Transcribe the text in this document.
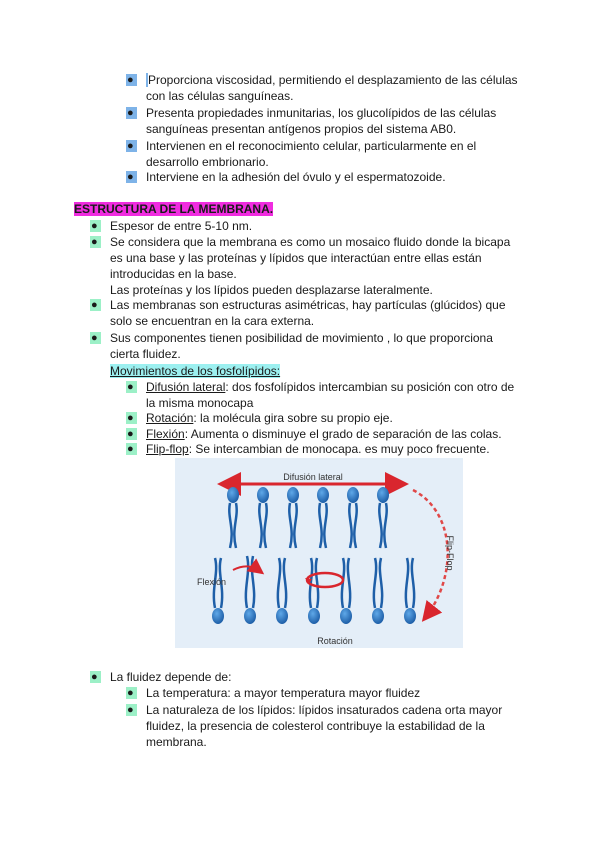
●	Proporciona viscosidad, permitiendo el desplazamiento de las células
con las células sanguíneas.
●	Presenta propiedades inmunitarias, los glucolípidos de las células
sanguíneas presentan antígenos propios del sistema AB0.
●	Intervienen en el reconocimiento celular, particularmente en el
desarrollo embrionario.
●	Interviene en la adhesión del óvulo y el espermatozoide.
ESTRUCTURA DE LA MEMBRANA.
●	Espesor de entre 5-10 nm.
●	Se considera que la membrana es como un mosaico fluido donde la bicapa
es una base y las proteínas y lípidos que interactúan entre ellas están
introducidas en la base.
Las proteínas y los lípidos pueden desplazarse lateralmente.
●	Las membranas son estructuras asimétricas, hay partículas (glúcidos) que
solo se encuentran en la cara externa.
●	Sus componentes tienen posibilidad de movimiento , lo que proporciona
cierta fluidez.
Movimientos de los fosfolípidos:
●	Difusión lateral: dos fosfolípidos intercambian su posición con otro de
la misma monocapa
●	Rotación: la molécula gira sobre su propio eje.
●	Flexión: Aumenta o disminuye el grado de separación de las colas.
●	Flip-flop: Se intercambian de monocapa. es muy poco frecuente.
Difusión lateral
Flexión
Rotación
Flip-Flop
●	La fluidez depende de:
●	La temperatura: a mayor temperatura mayor fluidez
●	La naturaleza de los lípidos: lípidos insaturados cadena orta mayor
fluidez, la presencia de colesterol contribuye la estabilidad de la
membrana.
